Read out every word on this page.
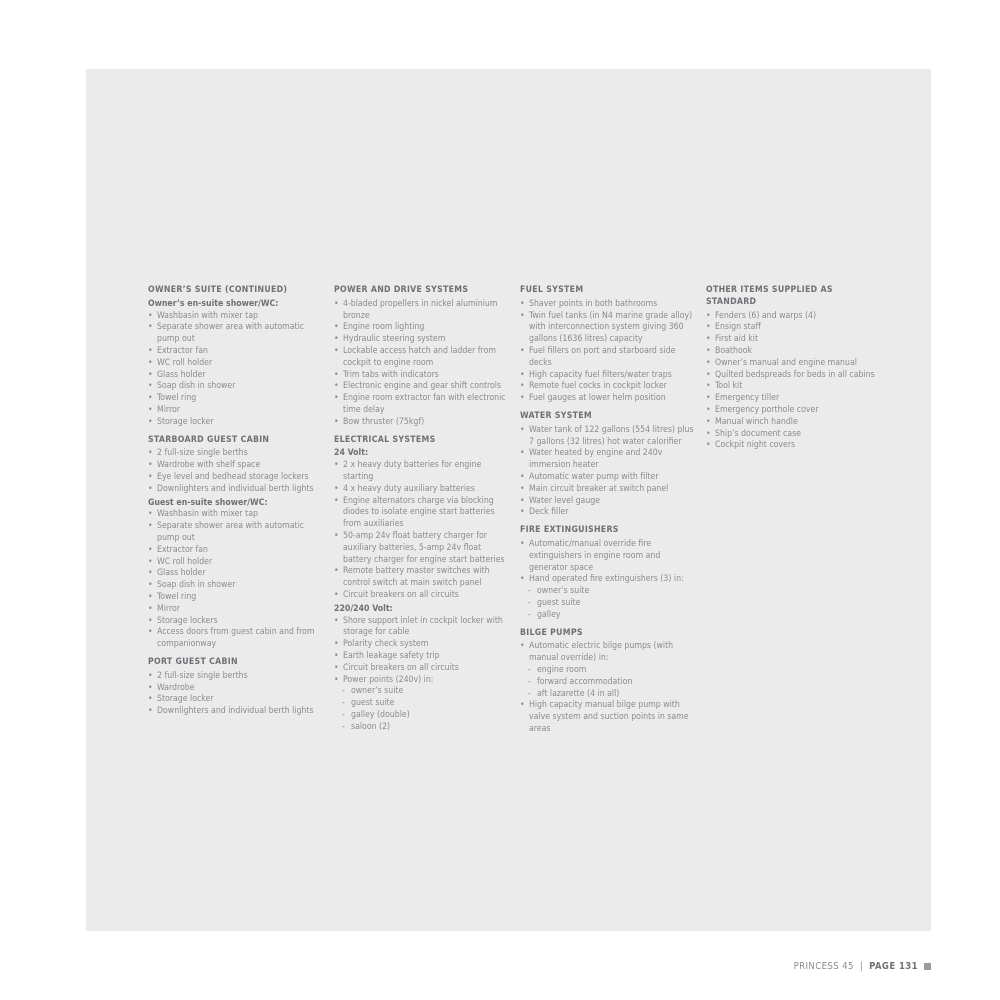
OWNER’S SUITE (CONTINUED)
Owner’s en-suite shower/WC:
• Washbasin with mixer tap
• Separate shower area with automatic pump out
• Extractor fan
• WC roll holder
• Glass holder
• Soap dish in shower
• Towel ring
• Mirror
• Storage locker
STARBOARD GUEST CABIN
• 2 full-size single berths
• Wardrobe with shelf space
• Eye level and bedhead storage lockers
• Downlighters and individual berth lights
Guest en-suite shower/WC:
• Washbasin with mixer tap
• Separate shower area with automatic pump out
• Extractor fan
• WC roll holder
• Glass holder
• Soap dish in shower
• Towel ring
• Mirror
• Storage lockers
• Access doors from guest cabin and from companionway
PORT GUEST CABIN
• 2 full-size single berths
• Wardrobe
• Storage locker
• Downlighters and individual berth lights
POWER AND DRIVE SYSTEMS
• 4-bladed propellers in nickel aluminium bronze
• Engine room lighting
• Hydraulic steering system
• Lockable access hatch and ladder from cockpit to engine room
• Trim tabs with indicators
• Electronic engine and gear shift controls
• Engine room extractor fan with electronic time delay
• Bow thruster (75kgf)
ELECTRICAL SYSTEMS
24 Volt:
• 2 x heavy duty batteries for engine starting
• 4 x heavy duty auxiliary batteries
• Engine alternators charge via blocking diodes to isolate engine start batteries from auxiliaries
• 50-amp 24v float battery charger for auxiliary batteries, 5-amp 24v float battery charger for engine start batteries
• Remote battery master switches with control switch at main switch panel
• Circuit breakers on all circuits
220/240 Volt:
• Shore support inlet in cockpit locker with storage for cable
• Polarity check system
• Earth leakage safety trip
• Circuit breakers on all circuits
• Power points (240v) in:
- owner’s suite
- guest suite
- galley (double)
- saloon (2)
FUEL SYSTEM
• Shaver points in both bathrooms
• Twin fuel tanks (in N4 marine grade alloy) with interconnection system giving 360 gallons (1636 litres) capacity
• Fuel fillers on port and starboard side decks
• High capacity fuel filters/water traps
• Remote fuel cocks in cockpit locker
• Fuel gauges at lower helm position
WATER SYSTEM
• Water tank of 122 gallons (554 litres) plus 7 gallons (32 litres) hot water calorifier
• Water heated by engine and 240v immersion heater
• Automatic water pump with filter
• Main circuit breaker at switch panel
• Water level gauge
• Deck filler
FIRE EXTINGUISHERS
• Automatic/manual override fire extinguishers in engine room and generator space
• Hand operated fire extinguishers (3) in:
- owner’s suite
- guest suite
- galley
BILGE PUMPS
• Automatic electric bilge pumps (with manual override) in:
- engine room
- forward accommodation
- aft lazarette (4 in all)
• High capacity manual bilge pump with valve system and suction points in same areas
OTHER ITEMS SUPPLIED AS STANDARD
• Fenders (6) and warps (4)
• Ensign staff
• First aid kit
• Boathook
• Owner’s manual and engine manual
• Quilted bedspreads for beds in all cabins
• Tool kit
• Emergency tiller
• Emergency porthole cover
• Manual winch handle
• Ship’s document case
• Cockpit night covers
PRINCESS 45 | PAGE 131
